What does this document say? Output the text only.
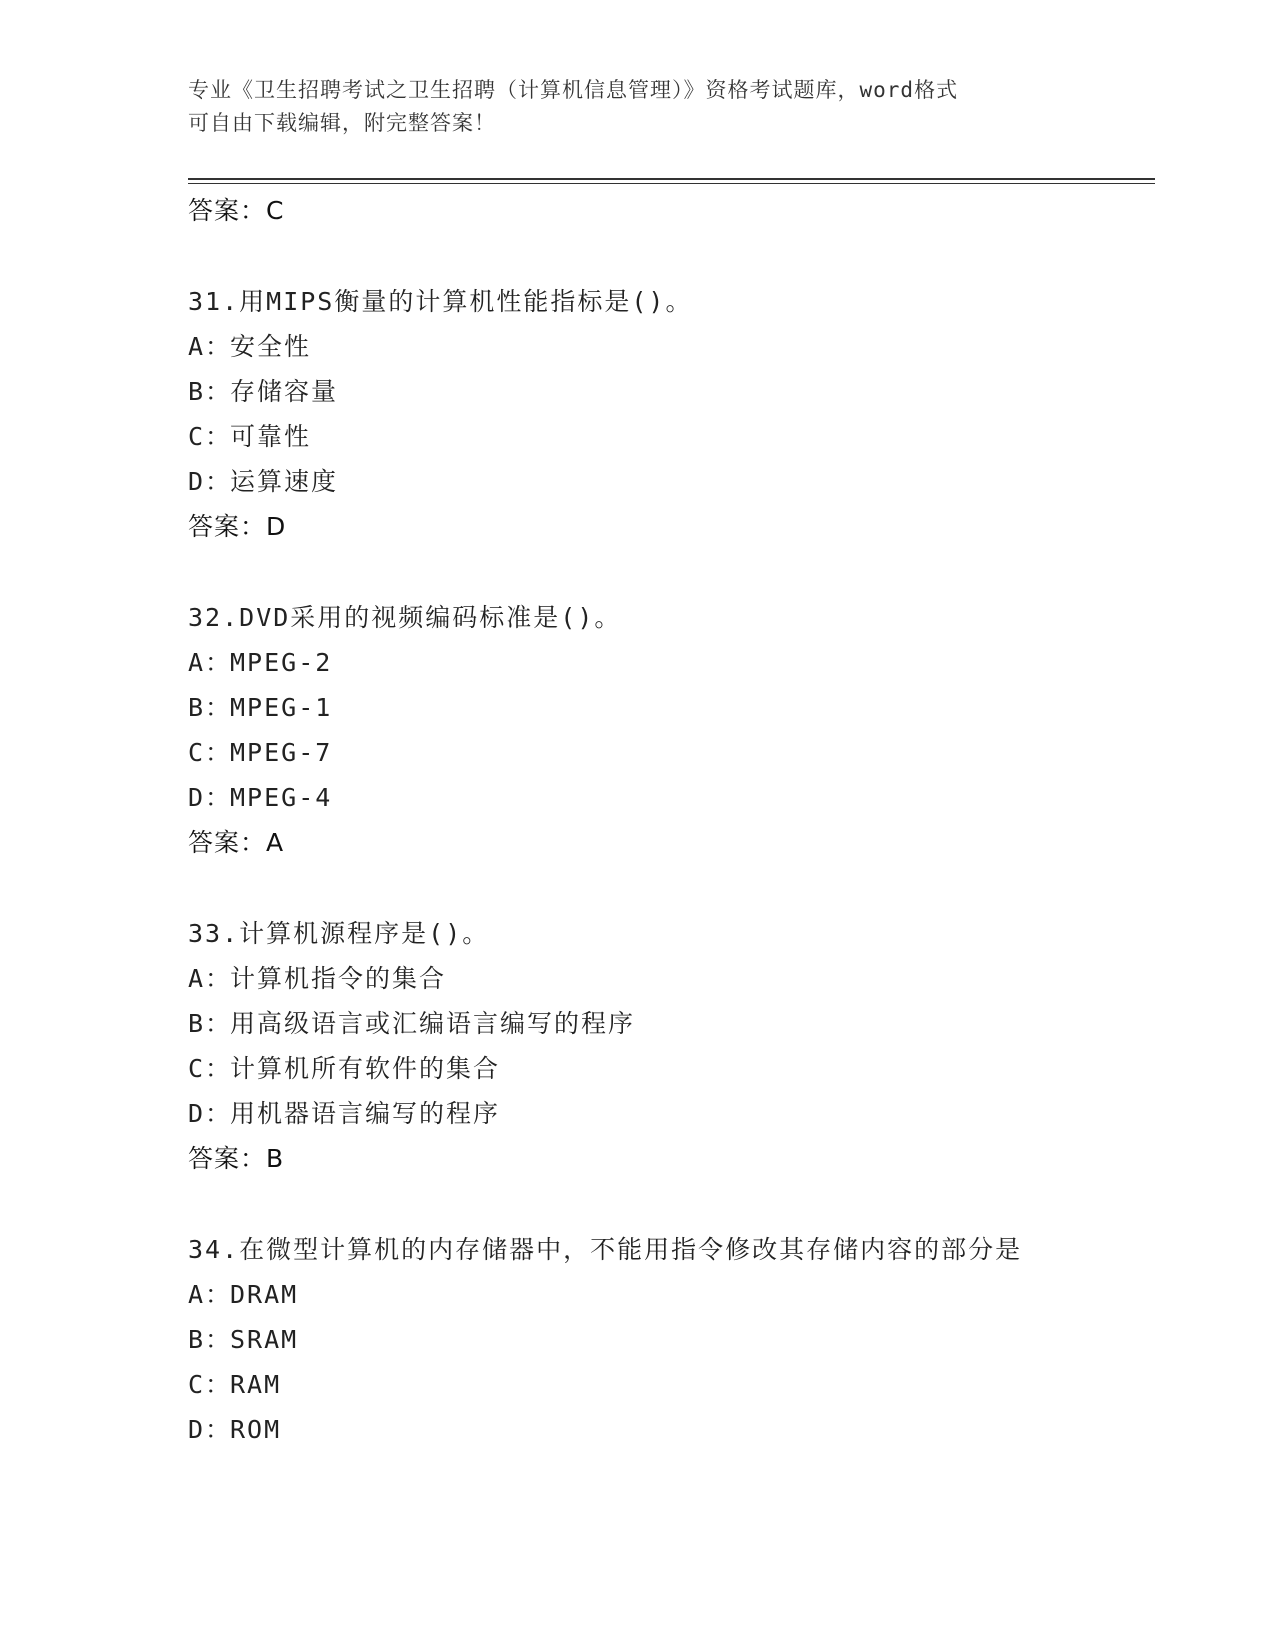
专业《卫生招聘考试之卫生招聘（计算机信息管理）》资格考试题库，word格式
可自由下载编辑，附完整答案！
答案：C
31.用MIPS衡量的计算机性能指标是()。
A：安全性
B：存储容量
C：可靠性
D：运算速度
答案：D
32.DVD采用的视频编码标准是()。
A：MPEG-2
B：MPEG-1
C：MPEG-7
D：MPEG-4
答案：A
33.计算机源程序是()。
A：计算机指令的集合
B：用高级语言或汇编语言编写的程序
C：计算机所有软件的集合
D：用机器语言编写的程序
答案：B
34.在微型计算机的内存储器中，不能用指令修改其存储内容的部分是
A：DRAM
B：SRAM
C：RAM
D：ROM
